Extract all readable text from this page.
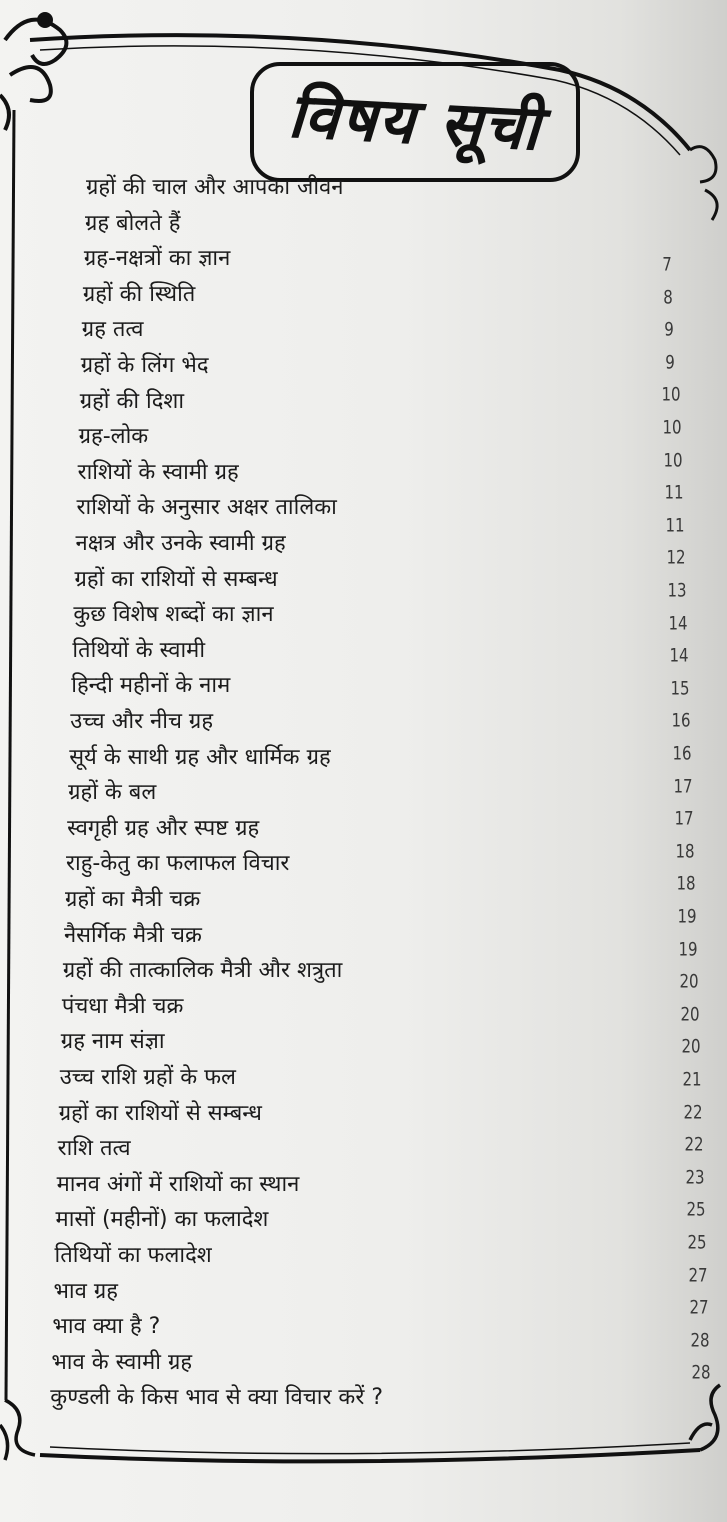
विषय सूची
ग्रहों की चाल और आपका जीवन
ग्रह बोलते हैं
ग्रह-नक्षत्रों का ज्ञान
ग्रहों की स्थिति
ग्रह तत्व
ग्रहों के लिंग भेद
ग्रहों की दिशा
ग्रह-लोक
राशियों के स्वामी ग्रह
राशियों के अनुसार अक्षर तालिका
नक्षत्र और उनके स्वामी ग्रह
ग्रहों का राशियों से सम्बन्ध
कुछ विशेष शब्दों का ज्ञान
तिथियों के स्वामी
हिन्दी महीनों के नाम
उच्च और नीच ग्रह
सूर्य के साथी ग्रह और धार्मिक ग्रह
ग्रहों के बल
स्वगृही ग्रह और स्पष्ट ग्रह
राहु-केतु का फलाफल विचार
ग्रहों का मैत्री चक्र
नैसर्गिक मैत्री चक्र
ग्रहों की तात्कालिक मैत्री और शत्रुता
पंचधा मैत्री चक्र
ग्रह नाम संज्ञा
उच्च राशि ग्रहों के फल
ग्रहों का राशियों से सम्बन्ध
राशि तत्व
मानव अंगों में राशियों का स्थान
मासों (महीनों) का फलादेश
तिथियों का फलादेश
भाव ग्रह
भाव क्या है ?
भाव के स्वामी ग्रह
कुण्डली के किस भाव से क्या विचार करें ?
7
8
9
9
10
10
10
11
11
12
13
14
14
15
16
16
17
17
18
18
19
19
20
20
20
21
22
22
23
25
25
27
27
28
28
